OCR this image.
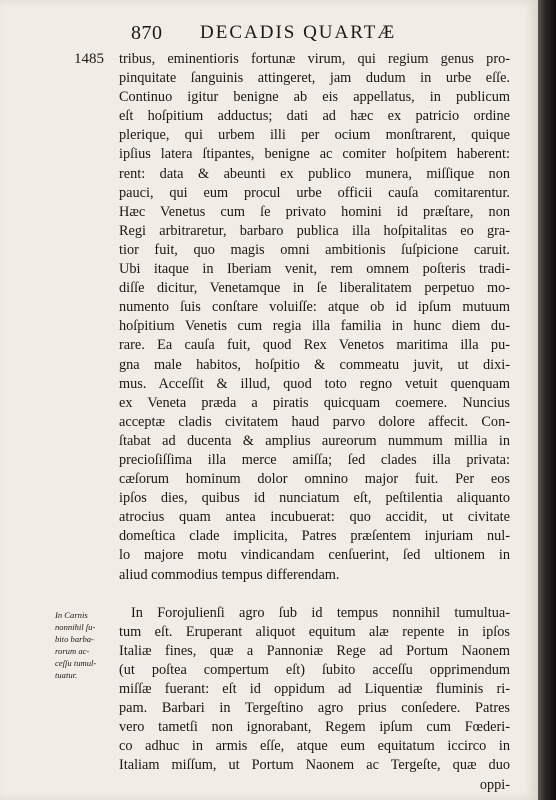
870 DECADIS QUARTÆ
1485 tribus, eminentioris fortunæ virum, qui regium genus pro-
pinquitate ſanguinis attingeret, jam dudum in urbe eſſe.
Continuo igitur benigne ab eis appellatus, in publicum
eſt hoſpitium adductus; dati ad hæc ex patricio ordine
plerique, qui urbem illi per ocium monſtrarent, quique
ipſius latera ſtipantes, benigne ac comiter hoſpitem haberent:
rent: data & abeunti ex publico munera, miſſique non
pauci, qui eum procul urbe officii cauſa comitarentur.
Hæc Venetus cum ſe privato homini id præſtare, non
Regi arbitraretur, barbaro publica illa hoſpitalitas eo gra-
tior fuit, quo magis omni ambitionis ſuſpicione caruit.
Ubi itaque in Iberiam venit, rem omnem poſteris tradi-
diſſe dicitur, Venetamque in ſe liberalitatem perpetuo mo-
numento ſuis conſtare voluiſſe: atque ob id ipſum mutuum
hoſpitium Venetis cum regia illa familia in hunc diem du-
rare. Ea cauſa fuit, quod Rex Venetos maritima illa pu-
gna male habitos, hoſpitio & commeatu juvit, ut dixi-
mus. Acceſſit & illud, quod toto regno vetuit quenquam
ex Veneta præda a piratis quicquam coemere. Nuncius
acceptæ cladis civitatem haud parvo dolore affecit. Con-
ſtabat ad ducenta & amplius aureorum nummum millia in
precioſiſſima illa merce amiſſa; ſed clades illa privata:
cæſorum hominum dolor omnino major fuit. Per eos
ipſos dies, quibus id nunciatum eſt, peſtilentia aliquanto
atrocius quam antea incubuerat: quo accidit, ut civitate
domeſtica clade implicita, Patres præſentem injuriam nul-
lo majore motu vindicandam cenſuerint, ſed ultionem in
aliud commodius tempus differendam.
In Forojulienſi agro ſub id tempus nonnihil tumultua-
tum eſt. Eruperant aliquot equitum alæ repente in ipſos
Italiæ fines, quæ a Pannoniæ Rege ad Portum Naonem
(ut poſtea compertum eſt) ſubito acceſſu opprimendum
miſſæ fuerant: eſt id oppidum ad Liquentiæ fluminis ri-
pam. Barbari in Tergeſtino agro prius conſedere. Patres
vero tametſi non ignorabant, Regem ipſum cum Fœderi-
co adhuc in armis eſſe, atque eum equitatum iccirco in
Italiam miſſum, ut Portum Naonem ac Tergeſte, quæ duo
oppi-
In Carnis
nonnihil ſu-
bito barba-
rorum ac-
ceſſu tumul-
tuatur.
